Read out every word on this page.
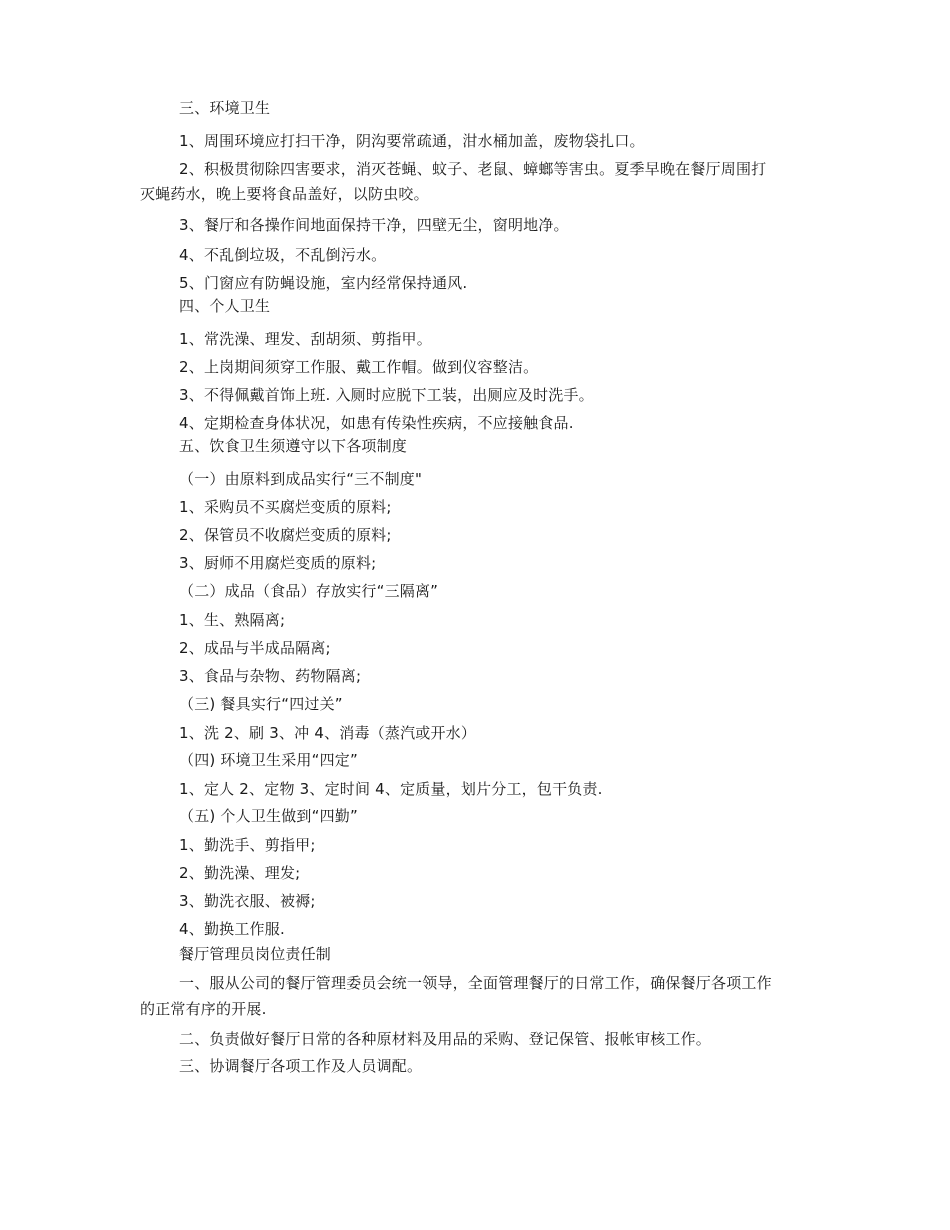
三、环境卫生

1、周围环境应打扫干净，阴沟要常疏通，泔水桶加盖，废物袋扎口。

2、积极贯彻除四害要求，消灭苍蝇、蚊子、老鼠、蟑螂等害虫。夏季早晚在餐厅周围打

灭蝇药水，晚上要将食品盖好，以防虫咬。

3、餐厅和各操作间地面保持干净，四壁无尘，窗明地净。

4、不乱倒垃圾，不乱倒污水。

5、门窗应有防蝇设施，室内经常保持通风.

四、个人卫生

1、常洗澡、理发、刮胡须、剪指甲。

2、上岗期间须穿工作服、戴工作帽。做到仪容整洁。

3、不得佩戴首饰上班. 入厕时应脱下工装，出厕应及时洗手。

4、定期检查身体状况，如患有传染性疾病，不应接触食品.

五、饮食卫生须遵守以下各项制度

（一）由原料到成品实行“三不制度"

1、采购员不买腐烂变质的原料;

2、保管员不收腐烂变质的原料;

3、厨师不用腐烂变质的原料;

（二）成品（食品）存放实行“三隔离”

1、生、熟隔离;

2、成品与半成品隔离;

3、食品与杂物、药物隔离;

（三) 餐具实行“四过关”

1、洗 2、刷 3、冲 4、消毒（蒸汽或开水）

（四) 环境卫生采用“四定”

1、定人 2、定物 3、定时间 4、定质量，划片分工，包干负责.

（五) 个人卫生做到“四勤”

1、勤洗手、剪指甲;

2、勤洗澡、理发;

3、勤洗衣服、被褥;

4、勤换工作服.

餐厅管理员岗位责任制

一、服从公司的餐厅管理委员会统一领导，全面管理餐厅的日常工作，确保餐厅各项工作

的正常有序的开展.

二、负责做好餐厅日常的各种原材料及用品的采购、登记保管、报帐审核工作。

三、协调餐厅各项工作及人员调配。
